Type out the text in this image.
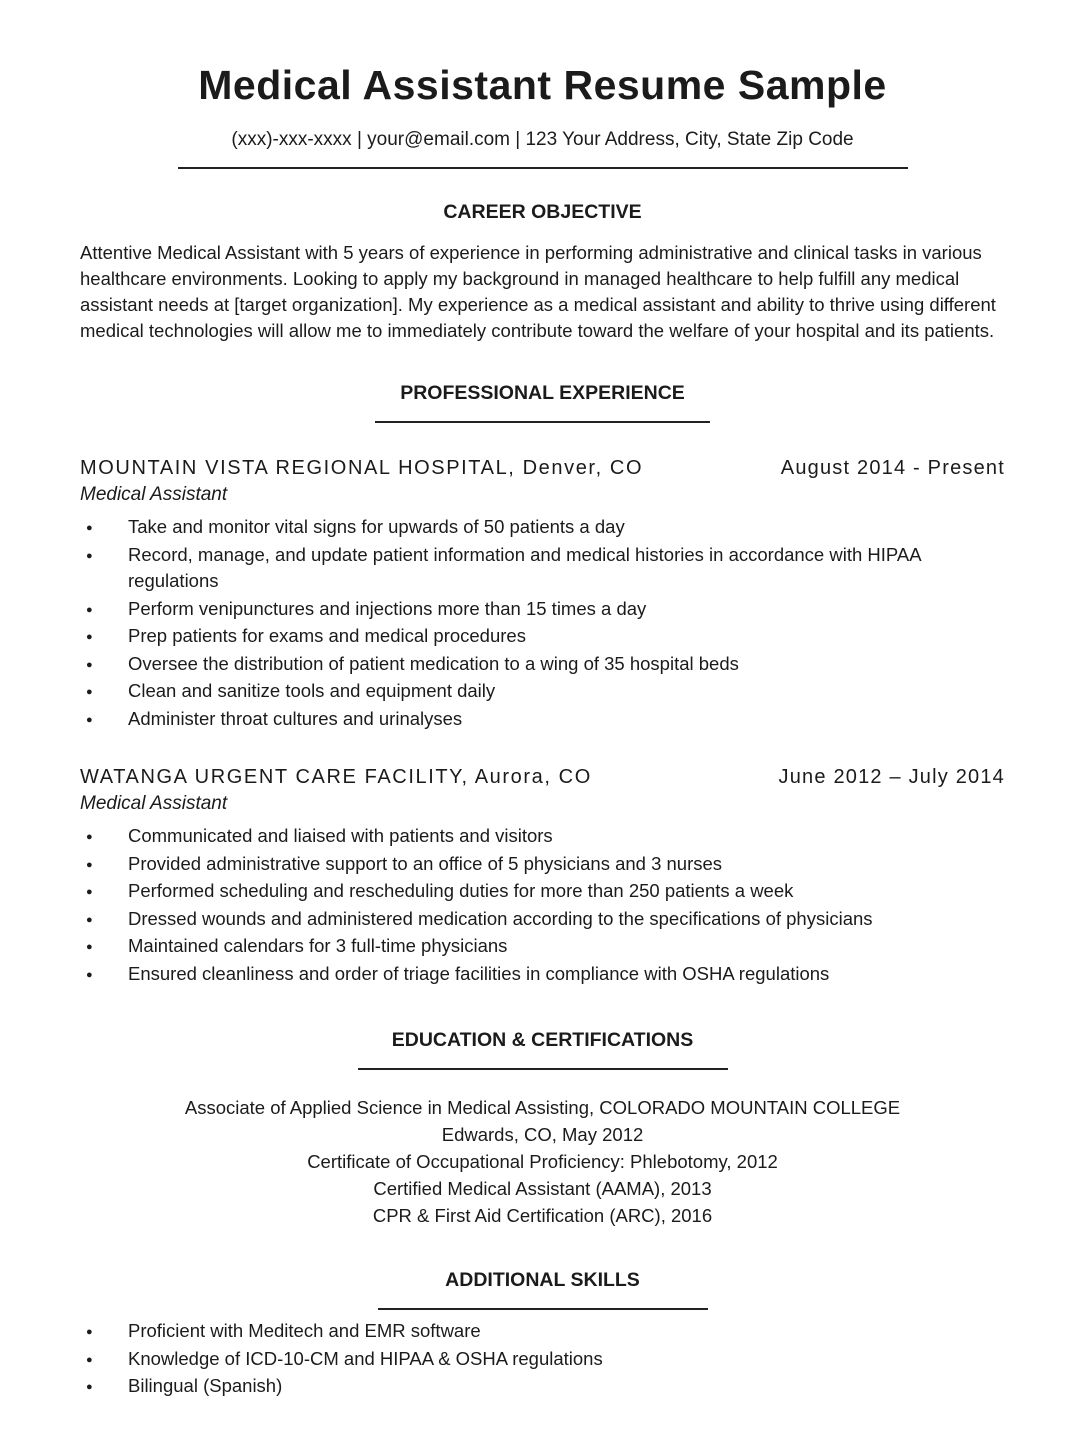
Medical Assistant Resume Sample
(xxx)-xxx-xxxx | your@email.com | 123 Your Address, City, State Zip Code
CAREER OBJECTIVE
Attentive Medical Assistant with 5 years of experience in performing administrative and clinical tasks in various healthcare environments. Looking to apply my background in managed healthcare to help fulfill any medical assistant needs at [target organization]. My experience as a medical assistant and ability to thrive using different medical technologies will allow me to immediately contribute toward the welfare of your hospital and its patients.
PROFESSIONAL EXPERIENCE
MOUNTAIN VISTA REGIONAL HOSPITAL, Denver, CO	August 2014 - Present
Medical Assistant
● Take and monitor vital signs for upwards of 50 patients a day
● Record, manage, and update patient information and medical histories in accordance with HIPAA regulations
● Perform venipunctures and injections more than 15 times a day
● Prep patients for exams and medical procedures
● Oversee the distribution of patient medication to a wing of 35 hospital beds
● Clean and sanitize tools and equipment daily
● Administer throat cultures and urinalyses
WATANGA URGENT CARE FACILITY, Aurora, CO	June 2012 – July 2014
Medical Assistant
● Communicated and liaised with patients and visitors
● Provided administrative support to an office of 5 physicians and 3 nurses
● Performed scheduling and rescheduling duties for more than 250 patients a week
● Dressed wounds and administered medication according to the specifications of physicians
● Maintained calendars for 3 full-time physicians
● Ensured cleanliness and order of triage facilities in compliance with OSHA regulations
EDUCATION & CERTIFICATIONS
Associate of Applied Science in Medical Assisting, COLORADO MOUNTAIN COLLEGE
Edwards, CO, May 2012
Certificate of Occupational Proficiency: Phlebotomy, 2012
Certified Medical Assistant (AAMA), 2013
CPR & First Aid Certification (ARC), 2016
ADDITIONAL SKILLS
● Proficient with Meditech and EMR software
● Knowledge of ICD-10-CM and HIPAA & OSHA regulations
● Bilingual (Spanish)
